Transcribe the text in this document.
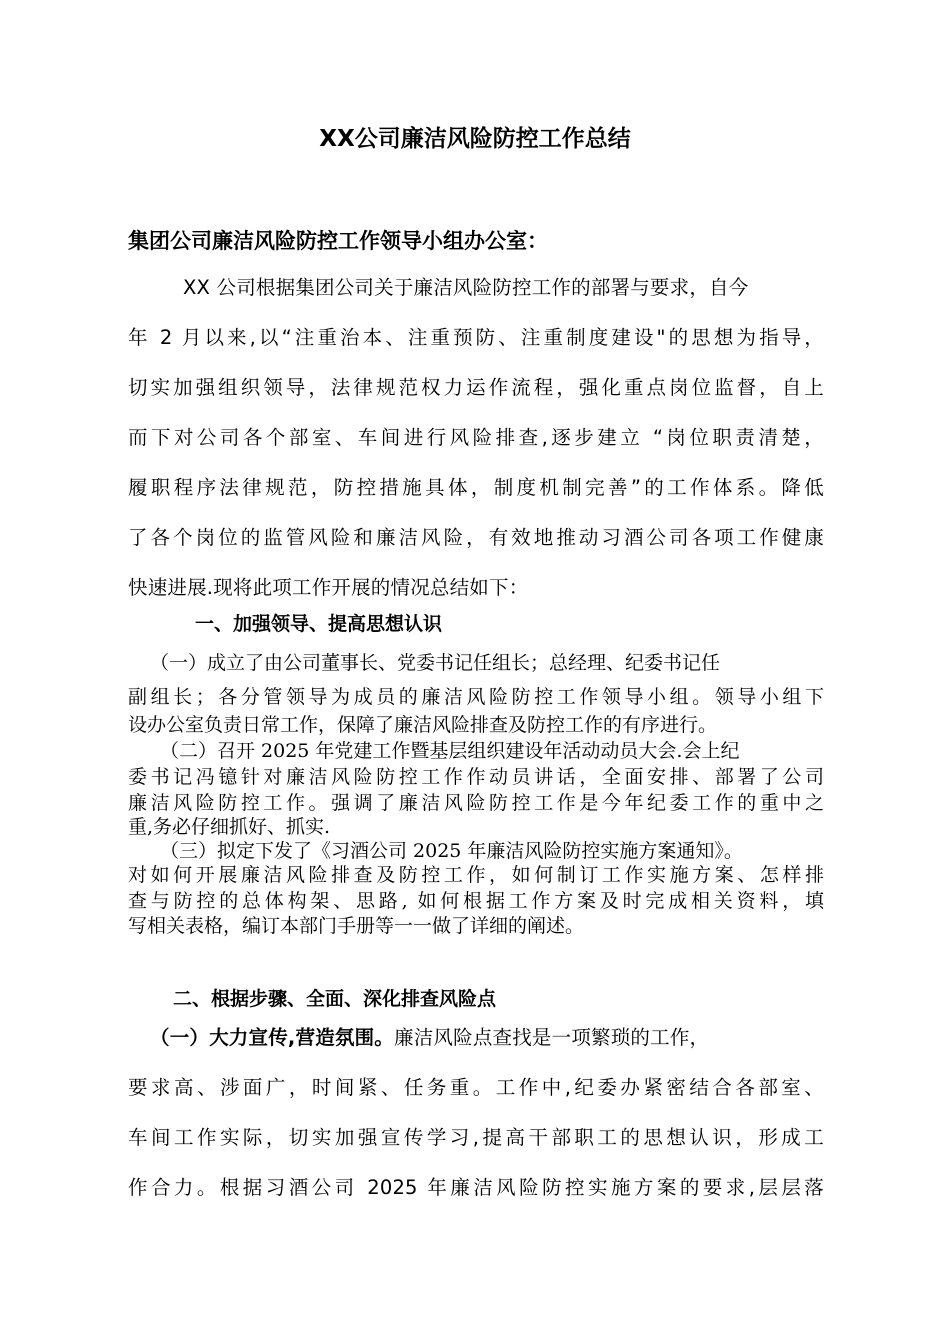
XX公司廉洁风险防控工作总结
集团公司廉洁风险防控工作领导小组办公室：
XX 公司根据集团公司关于廉洁风险防控工作的部署与要求，自今
年 2 月以来,以“注重治本、注重预防、注重制度建设"的思想为指导，
切实加强组织领导，法律规范权力运作流程，强化重点岗位监督，自上
而下对公司各个部室、车间进行风险排查,逐步建立 “岗位职责清楚，
履职程序法律规范，防控措施具体，制度机制完善”的工作体系。降低
了各个岗位的监管风险和廉洁风险，有效地推动习酒公司各项工作健康
快速进展.现将此项工作开展的情况总结如下：
一、加强领导、提高思想认识
（一）成立了由公司董事长、党委书记任组长；总经理、纪委书记任
副组长；各分管领导为成员的廉洁风险防控工作领导小组。领导小组下
设办公室负责日常工作，保障了廉洁风险排查及防控工作的有序进行。
（二）召开 2025 年党建工作暨基层组织建设年活动动员大会.会上纪
委书记冯镱针对廉洁风险防控工作作动员讲话，全面安排、部署了公司
廉洁风险防控工作。强调了廉洁风险防控工作是今年纪委工作的重中之
重,务必仔细抓好、抓实.
（三）拟定下发了《习酒公司 2025 年廉洁风险防控实施方案通知》。
对如何开展廉洁风险排查及防控工作，如何制订工作实施方案、怎样排
查与防控的总体构架、思路, 如何根据工作方案及时完成相关资料，填
写相关表格，编订本部门手册等一一做了详细的阐述。
二、根据步骤、全面、深化排查风险点
（一）大力宣传,营造氛围。廉洁风险点查找是一项繁琐的工作，
要求高、涉面广，时间紧、任务重。工作中,纪委办紧密结合各部室、
车间工作实际，切实加强宣传学习,提高干部职工的思想认识，形成工
作合力。根据习酒公司 2025 年廉洁风险防控实施方案的要求,层层落
